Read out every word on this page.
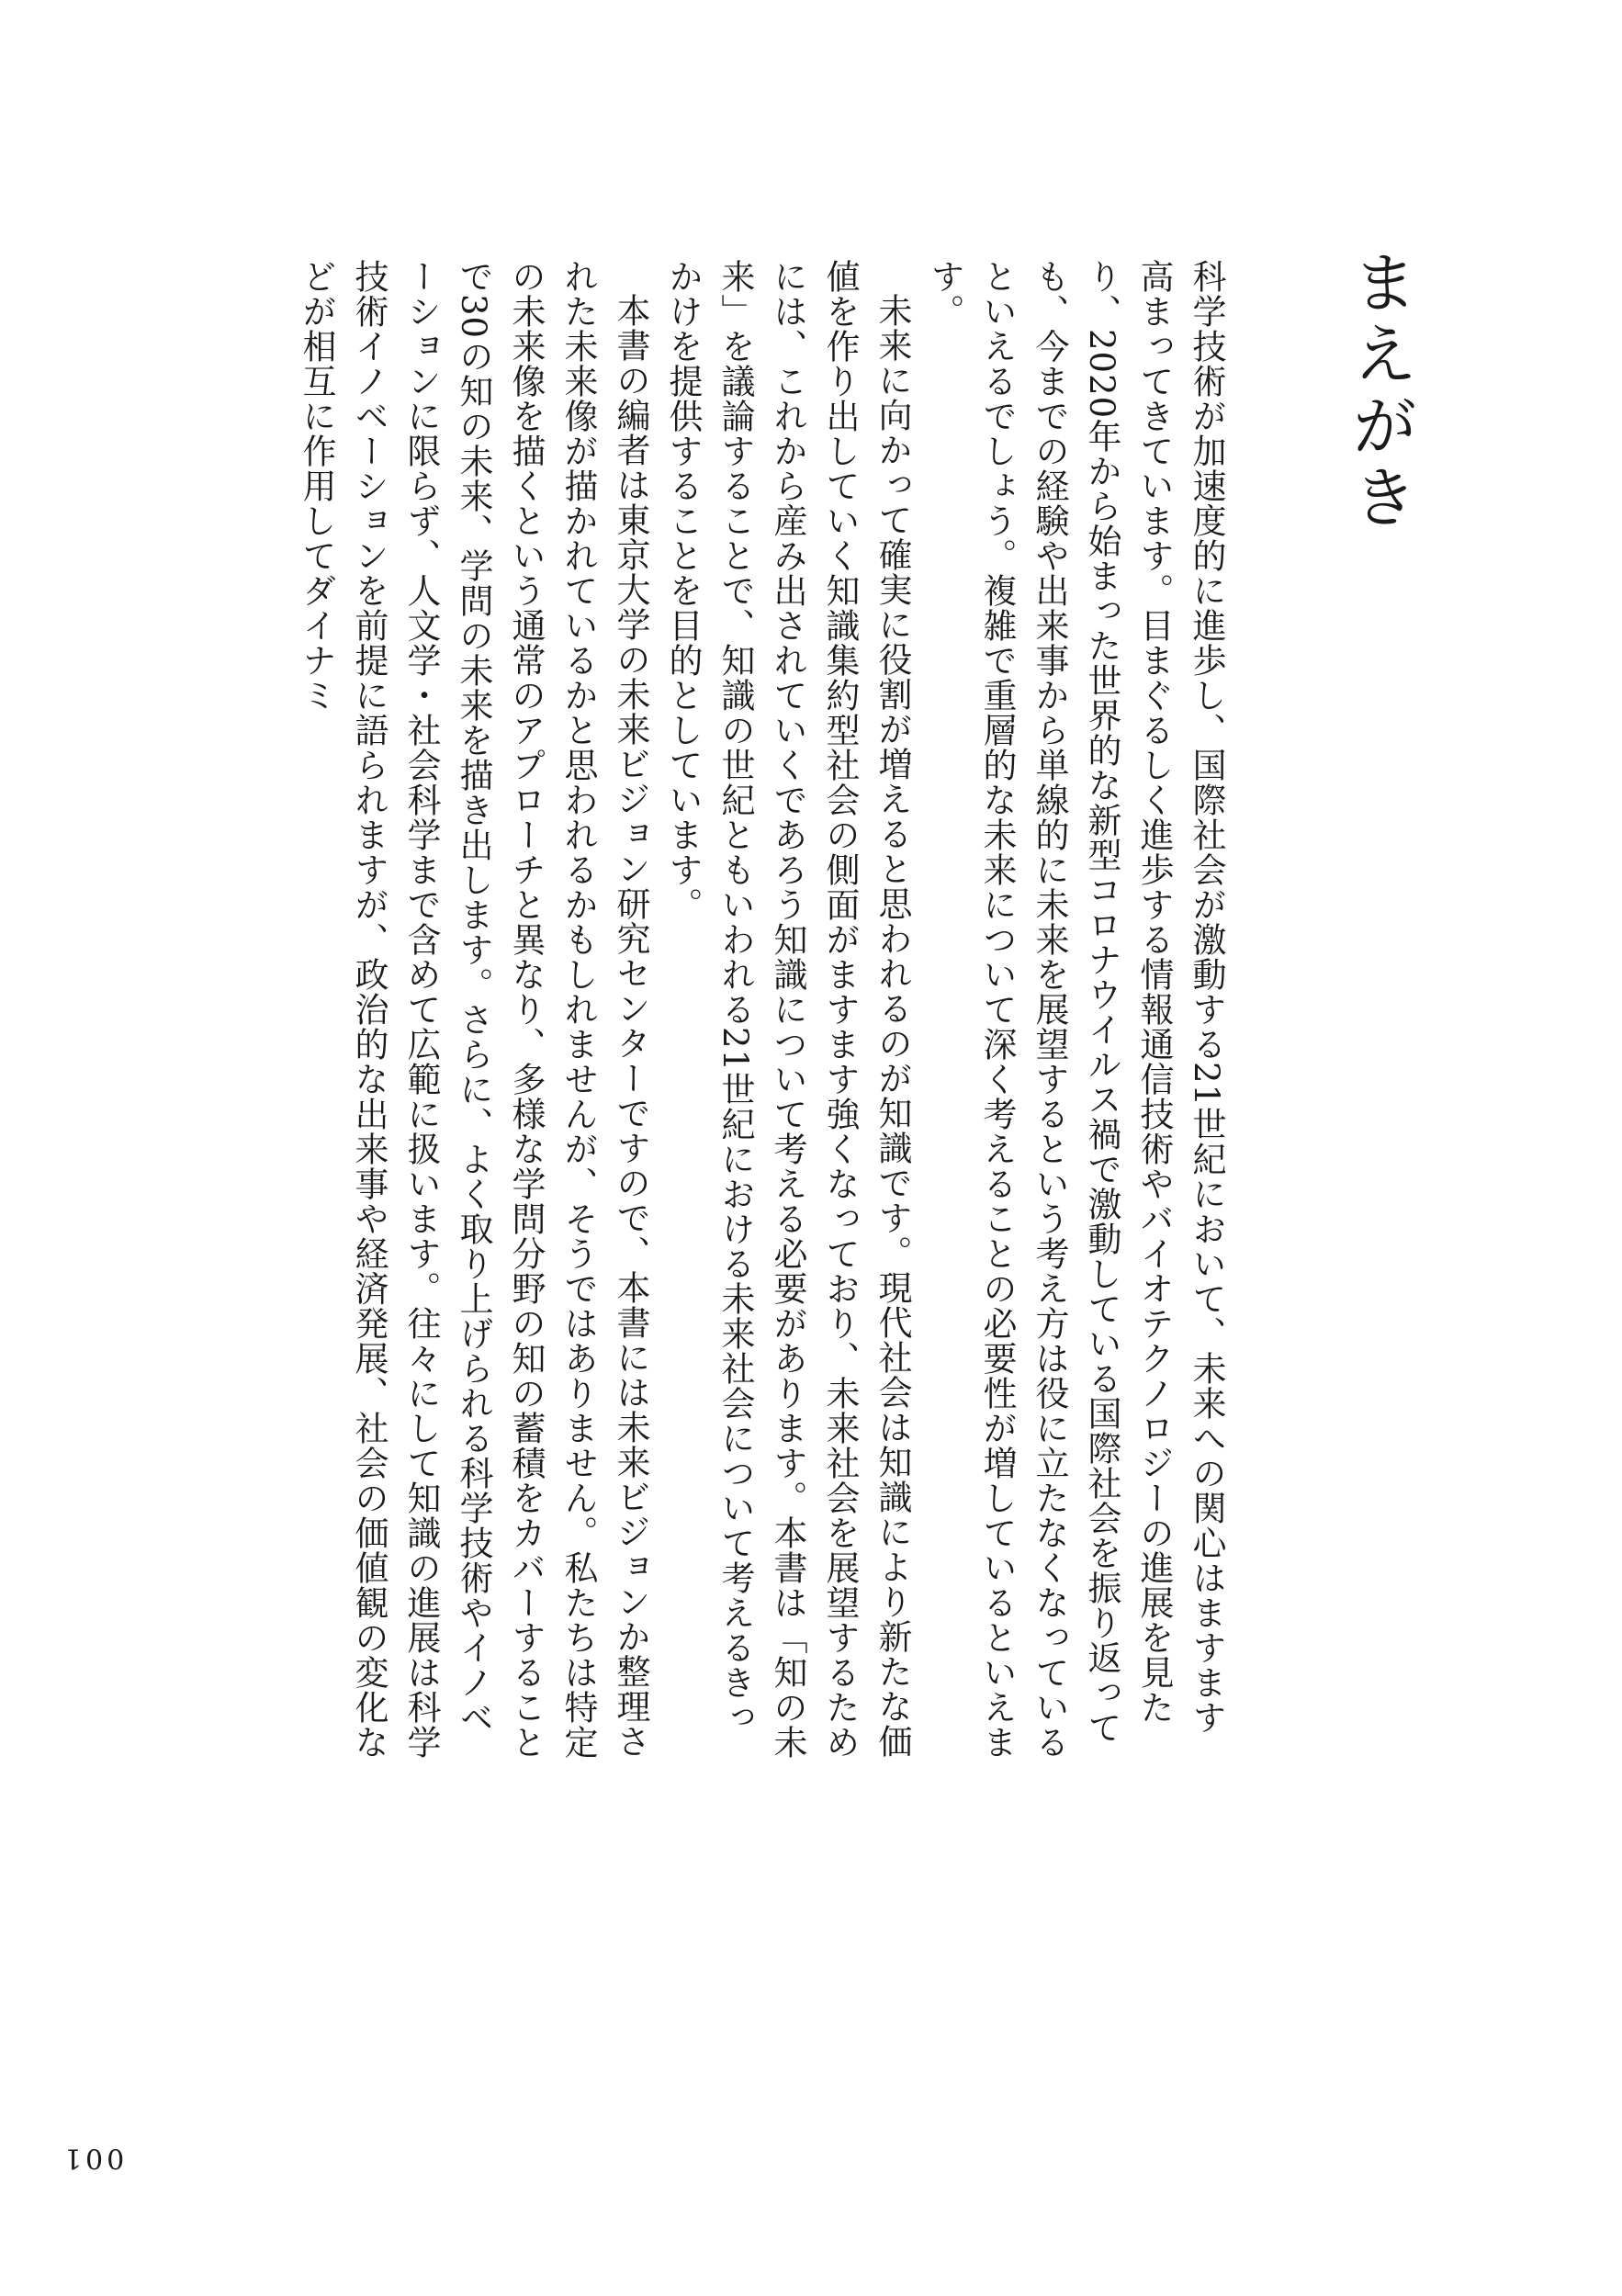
まえがき

科学技術が加速度的に進歩し、国際社会が激動する21世紀において、未来への関心はますます高まってきています。目まぐるしく進歩する情報通信技術やバイオテクノロジーの進展を見たり、2020年から始まった世界的な新型コロナウイルス禍で激動している国際社会を振り返っても、今までの経験や出来事から単線的に未来を展望するという考え方は役に立たなくなっているといえるでしょう。複雑で重層的な未来について深く考えることの必要性が増しているといえます。

未来に向かって確実に役割が増えると思われるのが知識です。現代社会は知識により新たな価値を作り出していく知識集約型社会の側面がますます強くなっており、未来社会を展望するためには、これから産み出されていくであろう知識について考える必要があります。本書は「知の未来」を議論することで、知識の世紀ともいわれる21世紀における未来社会について考えるきっかけを提供することを目的としています。

本書の編者は東京大学の未来ビジョン研究センターですので、本書には未来ビジョンか整理された未来像が描かれているかと思われるかもしれませんが、そうではありません。私たちは特定の未来像を描くという通常のアプローチと異なり、多様な学問分野の知の蓄積をカバーすることで30の知の未来、学問の未来を描き出します。さらに、よく取り上げられる科学技術やイノベーションに限らず、人文学・社会科学まで含めて広範に扱います。往々にして知識の進展は科学技術イノベーションを前提に語られますが、政治的な出来事や経済発展、社会の価値観の変化などが相互に作用してダイナミ

001
